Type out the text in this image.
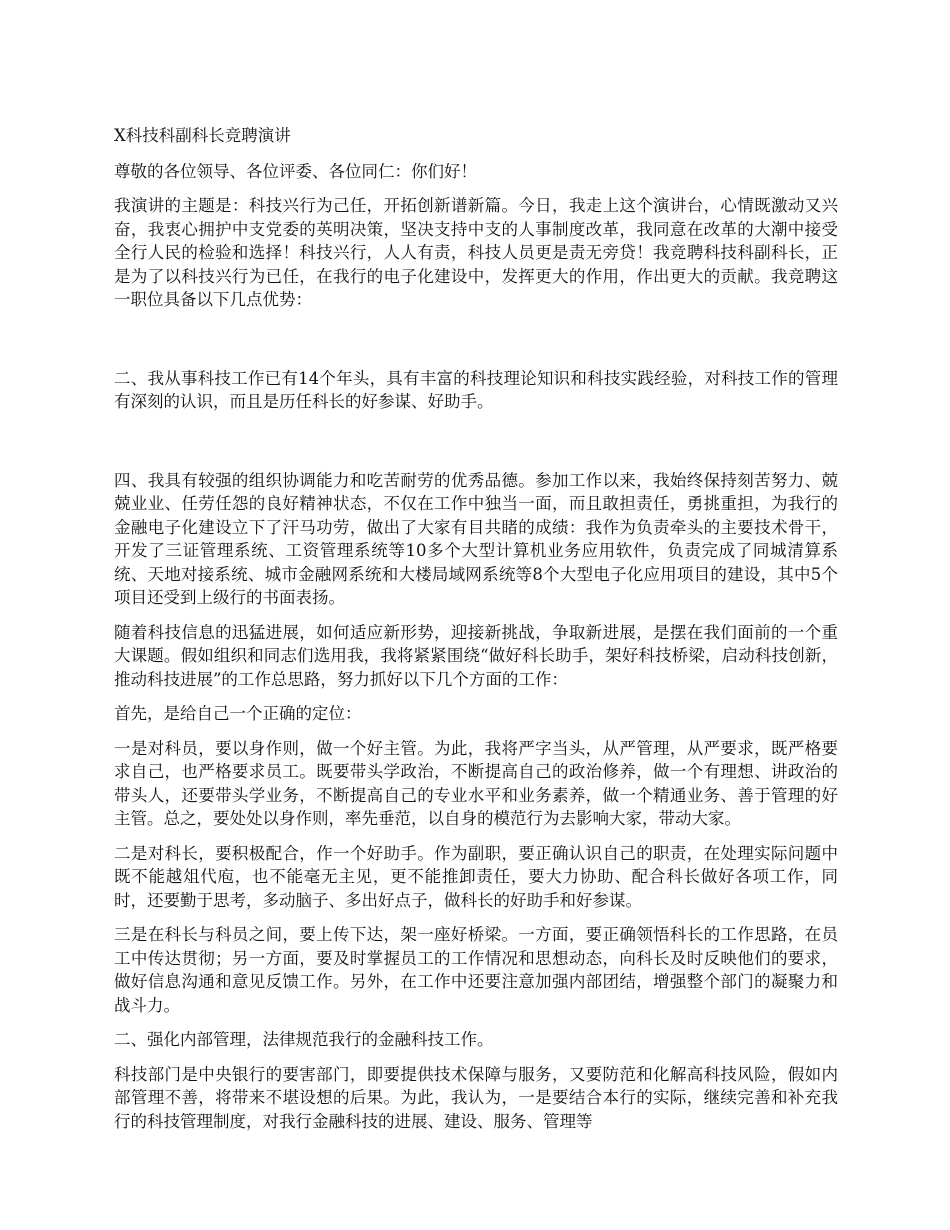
X科技科副科长竞聘演讲

尊敬的各位领导、各位评委、各位同仁：你们好！

我演讲的主题是：科技兴行为己任，开拓创新谱新篇。今日，我走上这个演讲台，心情既激动又兴奋，我衷心拥护中支党委的英明决策，坚决支持中支的人事制度改革，我同意在改革的大潮中接受全行人民的检验和选择！科技兴行，人人有责，科技人员更是责无旁贷！我竞聘科技科副科长，正是为了以科技兴行为已任，在我行的电子化建设中，发挥更大的作用，作出更大的贡献。我竞聘这一职位具备以下几点优势：

二、我从事科技工作已有14个年头，具有丰富的科技理论知识和科技实践经验，对科技工作的管理有深刻的认识，而且是历任科长的好参谋、好助手。

四、我具有较强的组织协调能力和吃苦耐劳的优秀品德。参加工作以来，我始终保持刻苦努力、兢兢业业、任劳任怨的良好精神状态，不仅在工作中独当一面，而且敢担责任，勇挑重担，为我行的金融电子化建设立下了汗马功劳，做出了大家有目共睹的成绩：我作为负责牵头的主要技术骨干，开发了三证管理系统、工资管理系统等10多个大型计算机业务应用软件，负责完成了同城清算系统、天地对接系统、城市金融网系统和大楼局域网系统等8个大型电子化应用项目的建设，其中5个项目还受到上级行的书面表扬。

随着科技信息的迅猛进展，如何适应新形势，迎接新挑战，争取新进展，是摆在我们面前的一个重大课题。假如组织和同志们选用我，我将紧紧围绕“做好科长助手，架好科技桥梁，启动科技创新，推动科技进展”的工作总思路，努力抓好以下几个方面的工作：

首先，是给自己一个正确的定位：

一是对科员，要以身作则，做一个好主管。为此，我将严字当头，从严管理，从严要求，既严格要求自己，也严格要求员工。既要带头学政治，不断提高自己的政治修养，做一个有理想、讲政治的带头人，还要带头学业务，不断提高自己的专业水平和业务素养，做一个精通业务、善于管理的好主管。总之，要处处以身作则，率先垂范，以自身的模范行为去影响大家，带动大家。

二是对科长，要积极配合，作一个好助手。作为副职，要正确认识自己的职责，在处理实际问题中既不能越俎代庖，也不能毫无主见，更不能推卸责任，要大力协助、配合科长做好各项工作，同时，还要勤于思考，多动脑子、多出好点子，做科长的好助手和好参谋。

三是在科长与科员之间，要上传下达，架一座好桥梁。一方面，要正确领悟科长的工作思路，在员工中传达贯彻；另一方面，要及时掌握员工的工作情况和思想动态，向科长及时反映他们的要求，做好信息沟通和意见反馈工作。另外，在工作中还要注意加强内部团结，增强整个部门的凝聚力和战斗力。

二、强化内部管理，法律规范我行的金融科技工作。

科技部门是中央银行的要害部门，即要提供技术保障与服务，又要防范和化解高科技风险，假如内部管理不善，将带来不堪设想的后果。为此，我认为，一是要结合本行的实际，继续完善和补充我行的科技管理制度，对我行金融科技的进展、建设、服务、管理等
